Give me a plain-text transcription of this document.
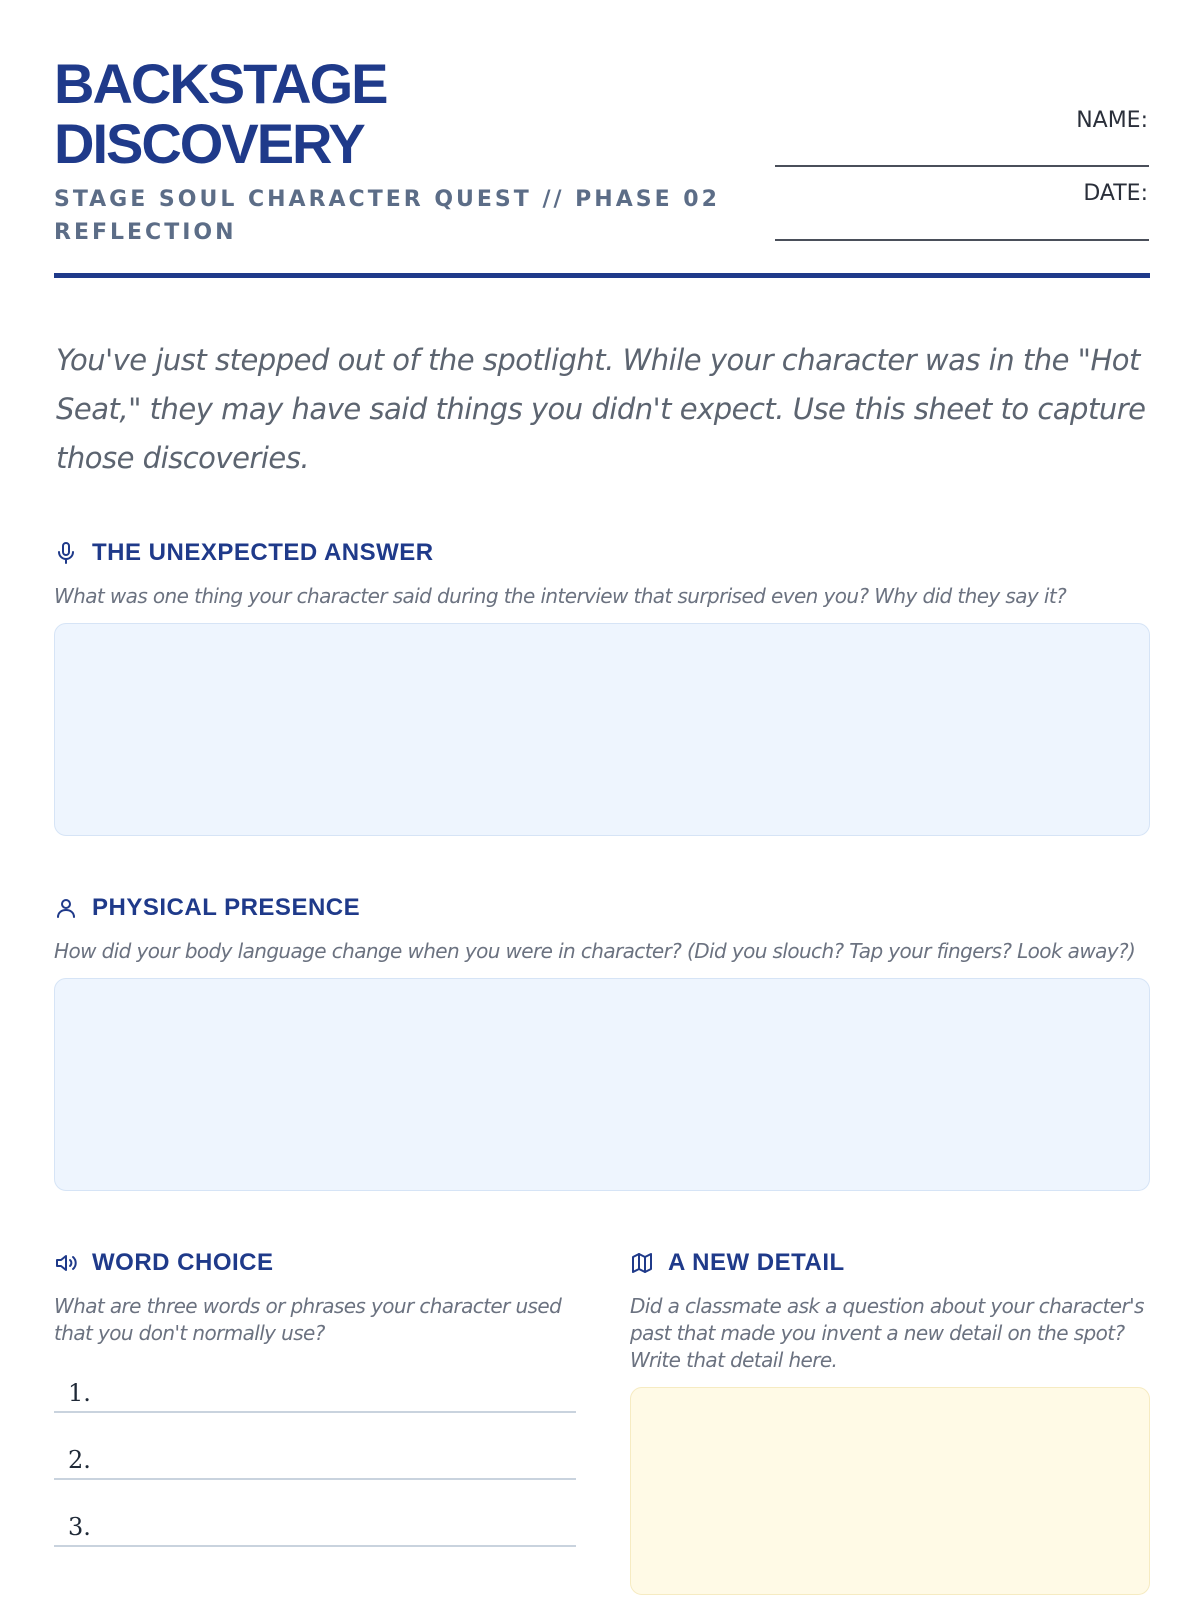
BACKSTAGE
DISCOVERY
STAGE SOUL CHARACTER QUEST // PHASE 02 REFLECTION
NAME:
DATE:
You've just stepped out of the spotlight. While your character was in the "Hot Seat," they may have said things you didn't expect. Use this sheet to capture those discoveries.
THE UNEXPECTED ANSWER
What was one thing your character said during the interview that surprised even you? Why did they say it?
PHYSICAL PRESENCE
How did your body language change when you were in character? (Did you slouch? Tap your fingers? Look away?)
WORD CHOICE
What are three words or phrases your character used that you don't normally use?
1.
2.
3.
A NEW DETAIL
Did a classmate ask a question about your character's past that made you invent a new detail on the spot? Write that detail here.
